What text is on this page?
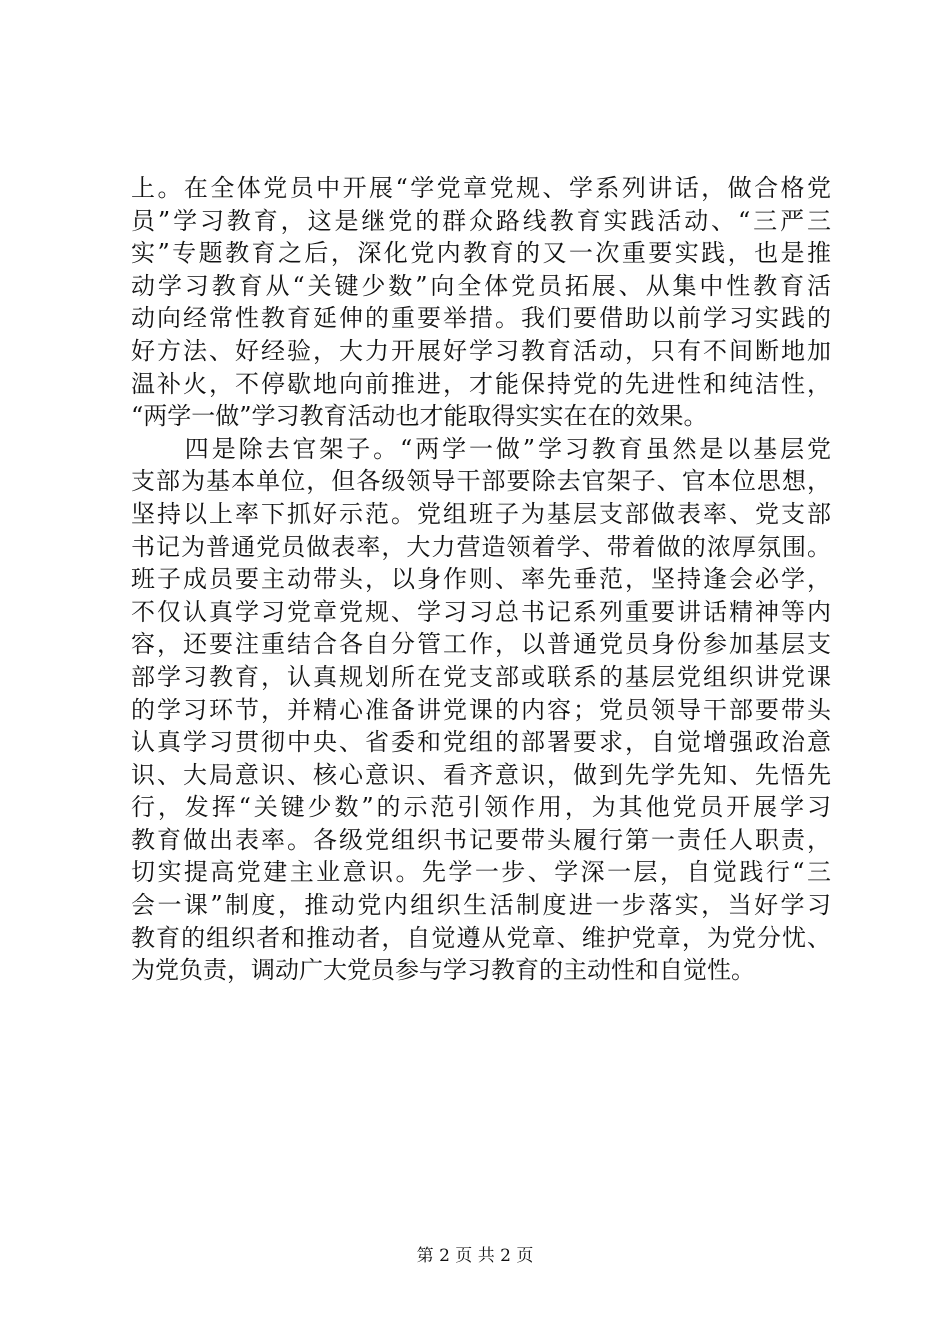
上。在全体党员中开展“学党章党规、学系列讲话，做合格党
员”学习教育，这是继党的群众路线教育实践活动、“三严三
实”专题教育之后，深化党内教育的又一次重要实践，也是推
动学习教育从“关键少数”向全体党员拓展、从集中性教育活
动向经常性教育延伸的重要举措。我们要借助以前学习实践的
好方法、好经验，大力开展好学习教育活动，只有不间断地加
温补火，不停歇地向前推进，才能保持党的先进性和纯洁性，
“两学一做”学习教育活动也才能取得实实在在的效果。
　　四是除去官架子。“两学一做”学习教育虽然是以基层党
支部为基本单位，但各级领导干部要除去官架子、官本位思想，
坚持以上率下抓好示范。党组班子为基层支部做表率、党支部
书记为普通党员做表率，大力营造领着学、带着做的浓厚氛围。
班子成员要主动带头，以身作则、率先垂范，坚持逢会必学，
不仅认真学习党章党规、学习习总书记系列重要讲话精神等内
容，还要注重结合各自分管工作，以普通党员身份参加基层支
部学习教育，认真规划所在党支部或联系的基层党组织讲党课
的学习环节，并精心准备讲党课的内容；党员领导干部要带头
认真学习贯彻中央、省委和党组的部署要求，自觉增强政治意
识、大局意识、核心意识、看齐意识，做到先学先知、先悟先
行，发挥“关键少数”的示范引领作用，为其他党员开展学习
教育做出表率。各级党组织书记要带头履行第一责任人职责，
切实提高党建主业意识。先学一步、学深一层，自觉践行“三
会一课”制度，推动党内组织生活制度进一步落实，当好学习
教育的组织者和推动者，自觉遵从党章、维护党章，为党分忧、
为党负责，调动广大党员参与学习教育的主动性和自觉性。
第 2 页 共 2 页
